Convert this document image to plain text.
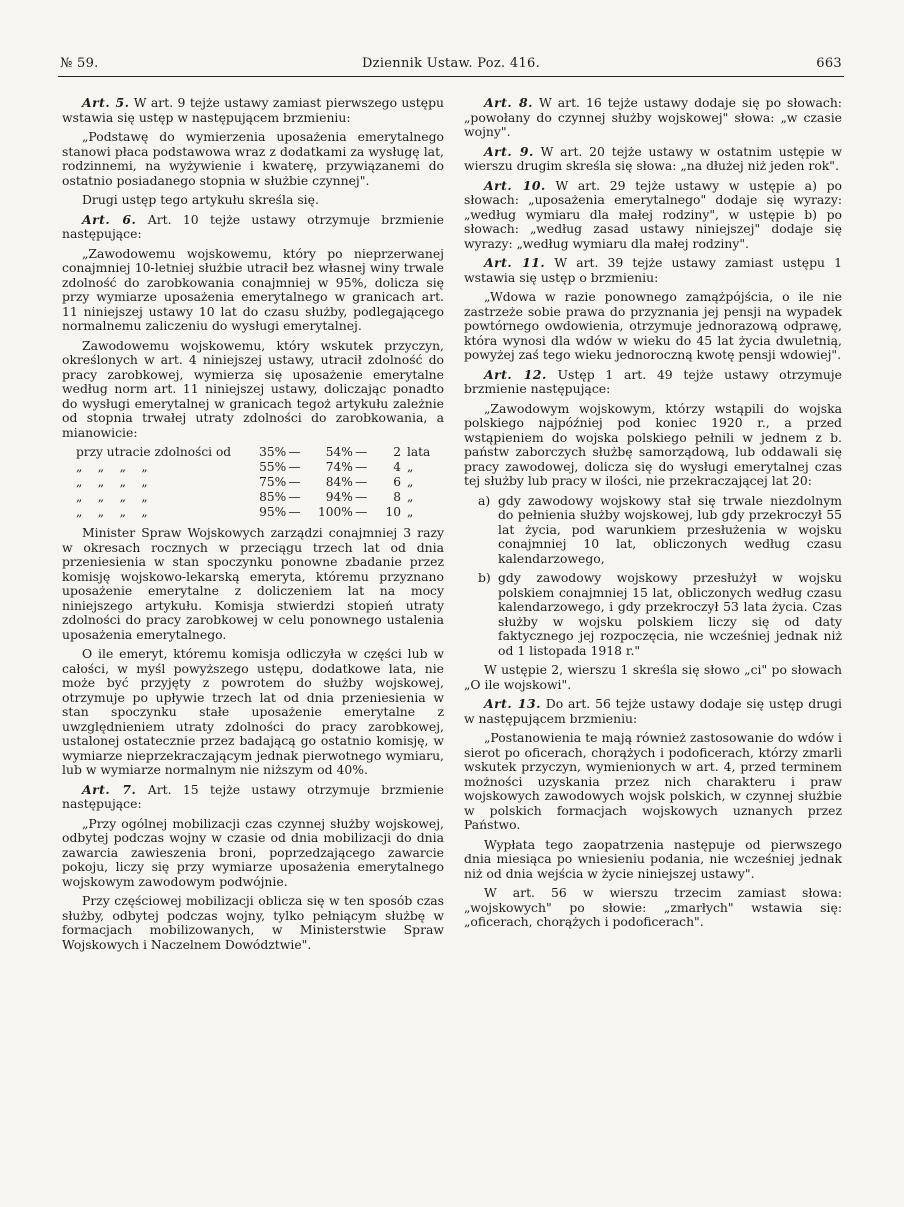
№ 59.	Dziennik Ustaw. Poz. 416.	663

Art. 5. W art. 9 tejże ustawy zamiast pierwszego ustępu wstawia się ustęp w następującem brzmieniu:

„Podstawę do wymierzenia uposażenia emerytalnego stanowi płaca podstawowa wraz z dodatkami za wysługę lat, rodzinnemi, na wyżywienie i kwaterę, przywiązanemi do ostatnio posiadanego stopnia w służbie czynnej".

Drugi ustęp tego artykułu skreśla się.

Art. 6. Art. 10 tejże ustawy otrzymuje brzmienie następujące:

„Zawodowemu wojskowemu, który po nieprzerwanej conajmniej 10-letniej służbie utracił bez własnej winy trwale zdolność do zarobkowania conajmniej w 95%, dolicza się przy wymiarze uposażenia emerytalnego w granicach art. 11 niniejszej ustawy 10 lat do czasu służby, podlegającego normalnemu zaliczeniu do wysługi emerytalnej.

Zawodowemu wojskowemu, który wskutek przyczyn, określonych w art. 4 niniejszej ustawy, utracił zdolność do pracy zarobkowej, wymierza się uposażenie emerytalne według norm art. 11 niniejszej ustawy, doliczając ponadto do wysługi emerytalnej w granicach tegoż artykułu zależnie od stopnia trwałej utraty zdolności do zarobkowania, a mianowicie:

przy utracie zdolności od	35% —	54% —	2 lata
„    „    „    „	55% —	74% —	4 „
„    „    „    „	75% —	84% —	6 „
„    „    „    „	85% —	94% —	8 „
„    „    „    „	95% —	100% —	10 „

Minister Spraw Wojskowych zarządzi conajmniej 3 razy w okresach rocznych w przeciągu trzech lat od dnia przeniesienia w stan spoczynku ponowne zbadanie przez komisję wojskowo-lekarską emeryta, któremu przyznano uposażenie emerytalne z doliczeniem lat na mocy niniejszego artykułu. Komisja stwierdzi stopień utraty zdolności do pracy zarobkowej w celu ponownego ustalenia uposażenia emerytalnego.

O ile emeryt, któremu komisja odliczyła w części lub w całości, w myśl powyższego ustępu, dodatkowe lata, nie może być przyjęty z powrotem do służby wojskowej, otrzymuje po upływie trzech lat od dnia przeniesienia w stan spoczynku stałe uposażenie emerytalne z uwzględnieniem utraty zdolności do pracy zarobkowej, ustalonej ostatecznie przez badającą go ostatnio komisję, w wymiarze nieprzekraczającym jednak pierwotnego wymiaru, lub w wymiarze normalnym nie niższym od 40%.

Art. 7. Art. 15 tejże ustawy otrzymuje brzmienie następujące:

„Przy ogólnej mobilizacji czas czynnej służby wojskowej, odbytej podczas wojny w czasie od dnia mobilizacji do dnia zawarcia zawieszenia broni, poprzedzającego zawarcie pokoju, liczy się przy wymiarze uposażenia emerytalnego wojskowym zawodowym podwójnie.

Przy częściowej mobilizacji oblicza się w ten sposób czas służby, odbytej podczas wojny, tylko pełniącym służbę w formacjach mobilizowanych, w Ministerstwie Spraw Wojskowych i Naczelnem Dowództwie".

Art. 8. W art. 16 tejże ustawy dodaje się po słowach: „powołany do czynnej służby wojskowej" słowa: „w czasie wojny".

Art. 9. W art. 20 tejże ustawy w ostatnim ustępie w wierszu drugim skreśla się słowa: „na dłużej niż jeden rok".

Art. 10. W art. 29 tejże ustawy w ustępie a) po słowach: „uposażenia emerytalnego" dodaje się wyrazy: „według wymiaru dla małej rodziny", w ustępie b) po słowach: „według zasad ustawy niniejszej" dodaje się wyrazy: „według wymiaru dla małej rodziny".

Art. 11. W art. 39 tejże ustawy zamiast ustępu 1 wstawia się ustęp o brzmieniu:

„Wdowa w razie ponownego zamążpójścia, o ile nie zastrzeże sobie prawa do przyznania jej pensji na wypadek powtórnego owdowienia, otrzymuje jednorazową odprawę, która wynosi dla wdów w wieku do 45 lat życia dwuletnią, powyżej zaś tego wieku jednoroczną kwotę pensji wdowiej".

Art. 12. Ustęp 1 art. 49 tejże ustawy otrzymuje brzmienie następujące:

„Zawodowym wojskowym, którzy wstąpili do wojska polskiego najpóźniej pod koniec 1920 r., a przed wstąpieniem do wojska polskiego pełnili w jednem z b. państw zaborczych służbę samorządową, lub oddawali się pracy zawodowej, dolicza się do wysługi emerytalnej czas tej służby lub pracy w ilości, nie przekraczającej lat 20:

a) gdy zawodowy wojskowy stał się trwale niezdolnym do pełnienia służby wojskowej, lub gdy przekroczył 55 lat życia, pod warunkiem przesłużenia w wojsku conajmniej 10 lat, obliczonych według czasu kalendarzowego,
b) gdy zawodowy wojskowy przesłużył w wojsku polskiem conajmniej 15 lat, obliczonych według czasu kalendarzowego, i gdy przekroczył 53 lata życia. Czas służby w wojsku polskiem liczy się od daty faktycznego jej rozpoczęcia, nie wcześniej jednak niż od 1 listopada 1918 r."

W ustępie 2, wierszu 1 skreśla się słowo „ci" po słowach „O ile wojskowi".

Art. 13. Do art. 56 tejże ustawy dodaje się ustęp drugi w następującem brzmieniu:

„Postanowienia te mają również zastosowanie do wdów i sierot po oficerach, chorążych i podoficerach, którzy zmarli wskutek przyczyn, wymienionych w art. 4, przed terminem możności uzyskania przez nich charakteru i praw wojskowych zawodowych wojsk polskich, w czynnej służbie w polskich formacjach wojskowych uznanych przez Państwo.

Wypłata tego zaopatrzenia następuje od pierwszego dnia miesiąca po wniesieniu podania, nie wcześniej jednak niż od dnia wejścia w życie niniejszej ustawy".

W art. 56 w wierszu trzecim zamiast słowa: „wojskowych" po słowie: „zmarłych" wstawia się: „oficerach, chorążych i podoficerach".
